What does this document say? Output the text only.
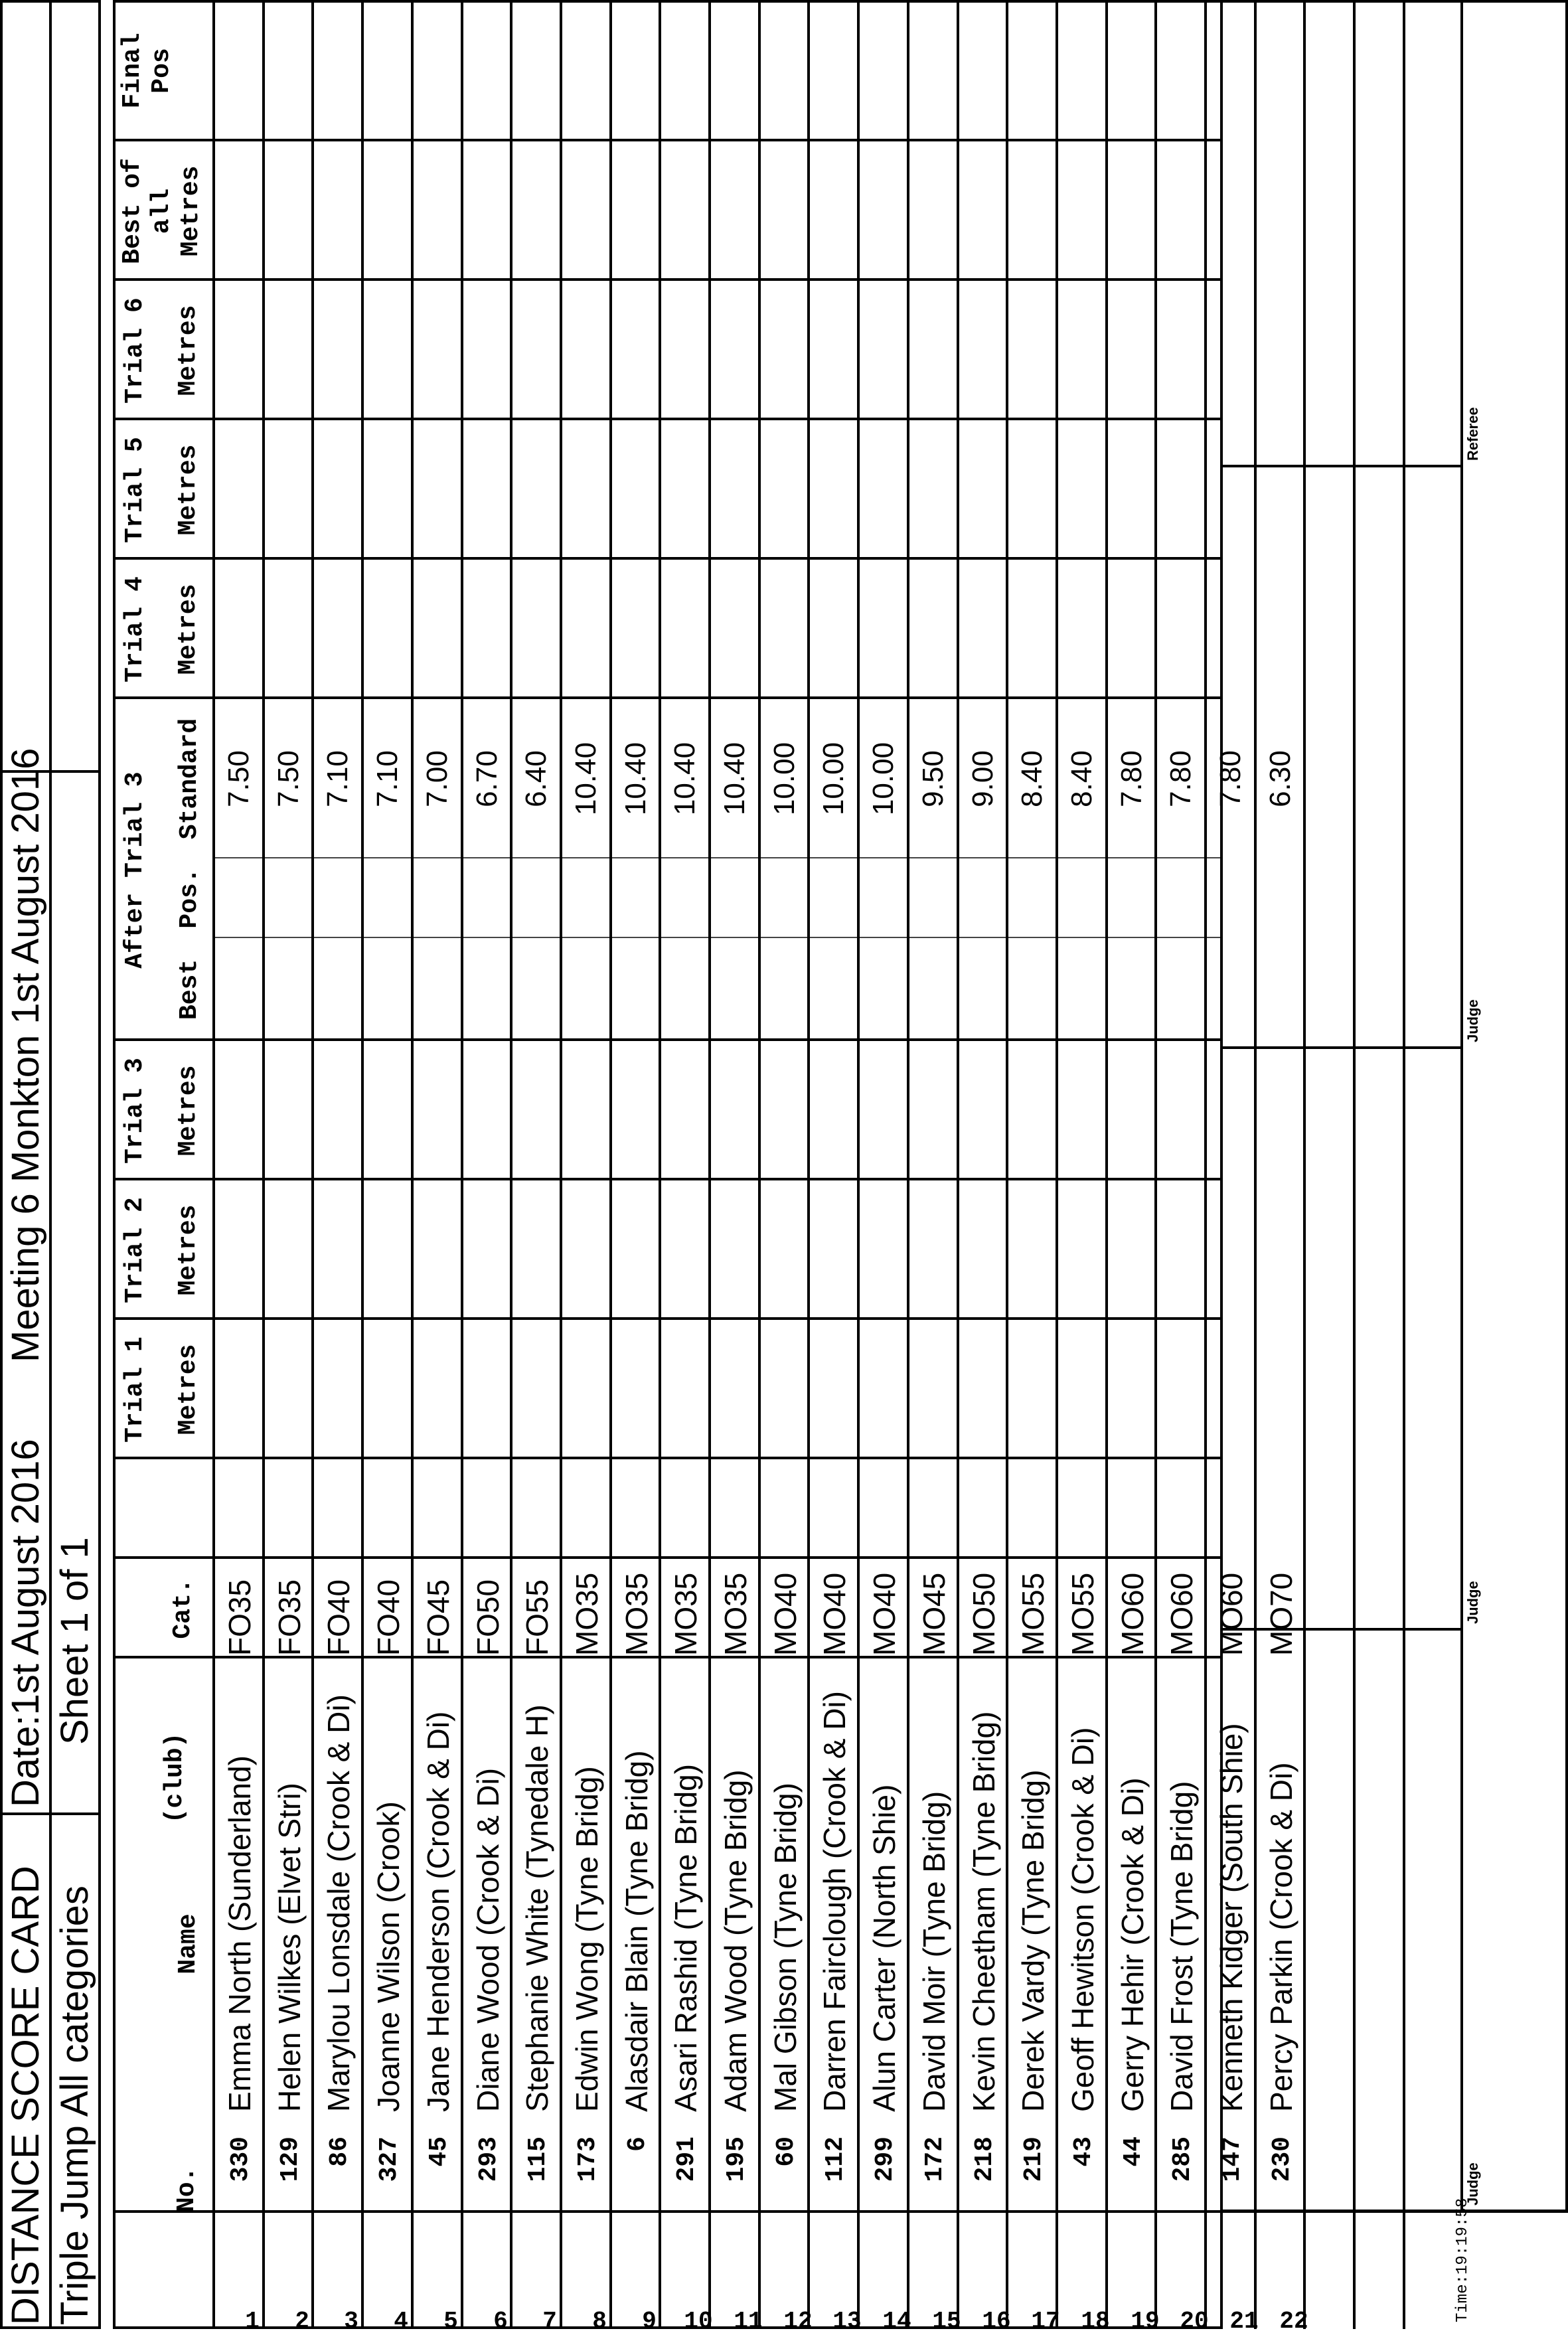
DISTANCE SCORE CARD
Date:1st August 2016
Meeting 6 Monkton 1st August 2016
Triple Jump All categories
Sheet 1 of 1
No.
Name
(club)
Cat.
Trial 1 Metres
Trial 2 Metres
Trial 3 Metres
After Trial 3
Best
Pos.
Standard
Trial 4 Metres
Trial 5 Metres
Trial 6 Metres
Best of
all Metres
Final
Pos
1
330
Emma North (Sunderland)
FO35
7.50
2
129
Helen Wilkes (Elvet Stri)
FO35
7.50
3
86
Marylou Lonsdale (Crook & Di)
FO40
7.10
4
327
Joanne Wilson (Crook)
FO40
7.10
5
45
Jane Henderson (Crook & Di)
FO45
7.00
6
293
Diane Wood (Crook & Di)
FO50
6.70
7
115
Stephanie White (Tynedale H)
FO55
6.40
8
173
Edwin Wong (Tyne Bridg)
MO35
10.40
9
6
Alasdair Blain (Tyne Bridg)
MO35
10.40
10
291
Asari Rashid (Tyne Bridg)
MO35
10.40
11
195
Adam Wood (Tyne Bridg)
MO35
10.40
12
60
Mal Gibson (Tyne Bridg)
MO40
10.00
13
112
Darren Fairclough (Crook & Di)
MO40
10.00
14
299
Alun Carter (North Shie)
MO40
10.00
15
172
David Moir (Tyne Bridg)
MO45
9.50
16
218
Kevin Cheetham (Tyne Bridg)
MO50
9.00
17
219
Derek Vardy (Tyne Bridg)
MO55
8.40
18
43
Geoff Hewitson (Crook & Di)
MO55
8.40
19
44
Gerry Hehir (Crook & Di)
MO60
7.80
20
285
David Frost (Tyne Bridg)
MO60
7.80
21
147
Kenneth Kidger (South Shie)
MO60
7.80
22
230
Percy Parkin (Crook & Di)
MO70
6.30
Judge
Judge
Judge
Referee
Time:19:19:58
